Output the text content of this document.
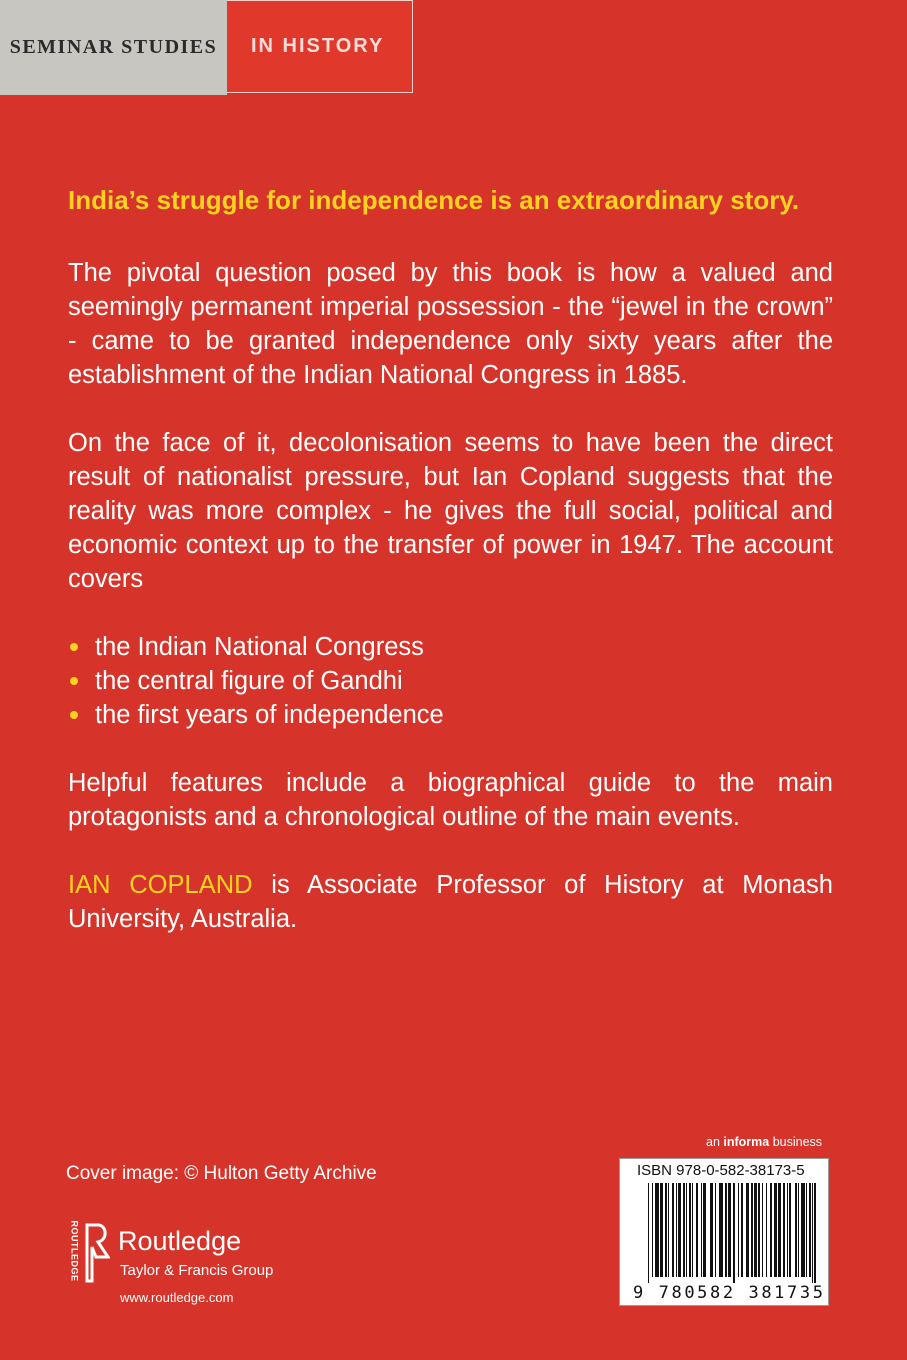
SEMINAR STUDIES	IN HISTORY

India’s struggle for independence is an extraordinary story.

The pivotal question posed by this book is how a valued and seemingly permanent imperial possession - the “jewel in the crown” - came to be granted independence only sixty years after the establishment of the Indian National Congress in 1885.

On the face of it, decolonisation seems to have been the direct result of nationalist pressure, but Ian Copland suggests that the reality was more complex - he gives the full social, political and economic context up to the transfer of power in 1947. The account covers

the Indian National Congress
the central figure of Gandhi
the first years of independence

Helpful features include a biographical guide to the main protagonists and a chronological outline of the main events.

IAN COPLAND is Associate Professor of History at Monash University, Australia.

Cover image: © Hulton Getty Archive
ROUTLEDGE Routledge
Taylor & Francis Group
www.routledge.com
an informa business
ISBN 978-0-582-38173-5
9 780582 381735
